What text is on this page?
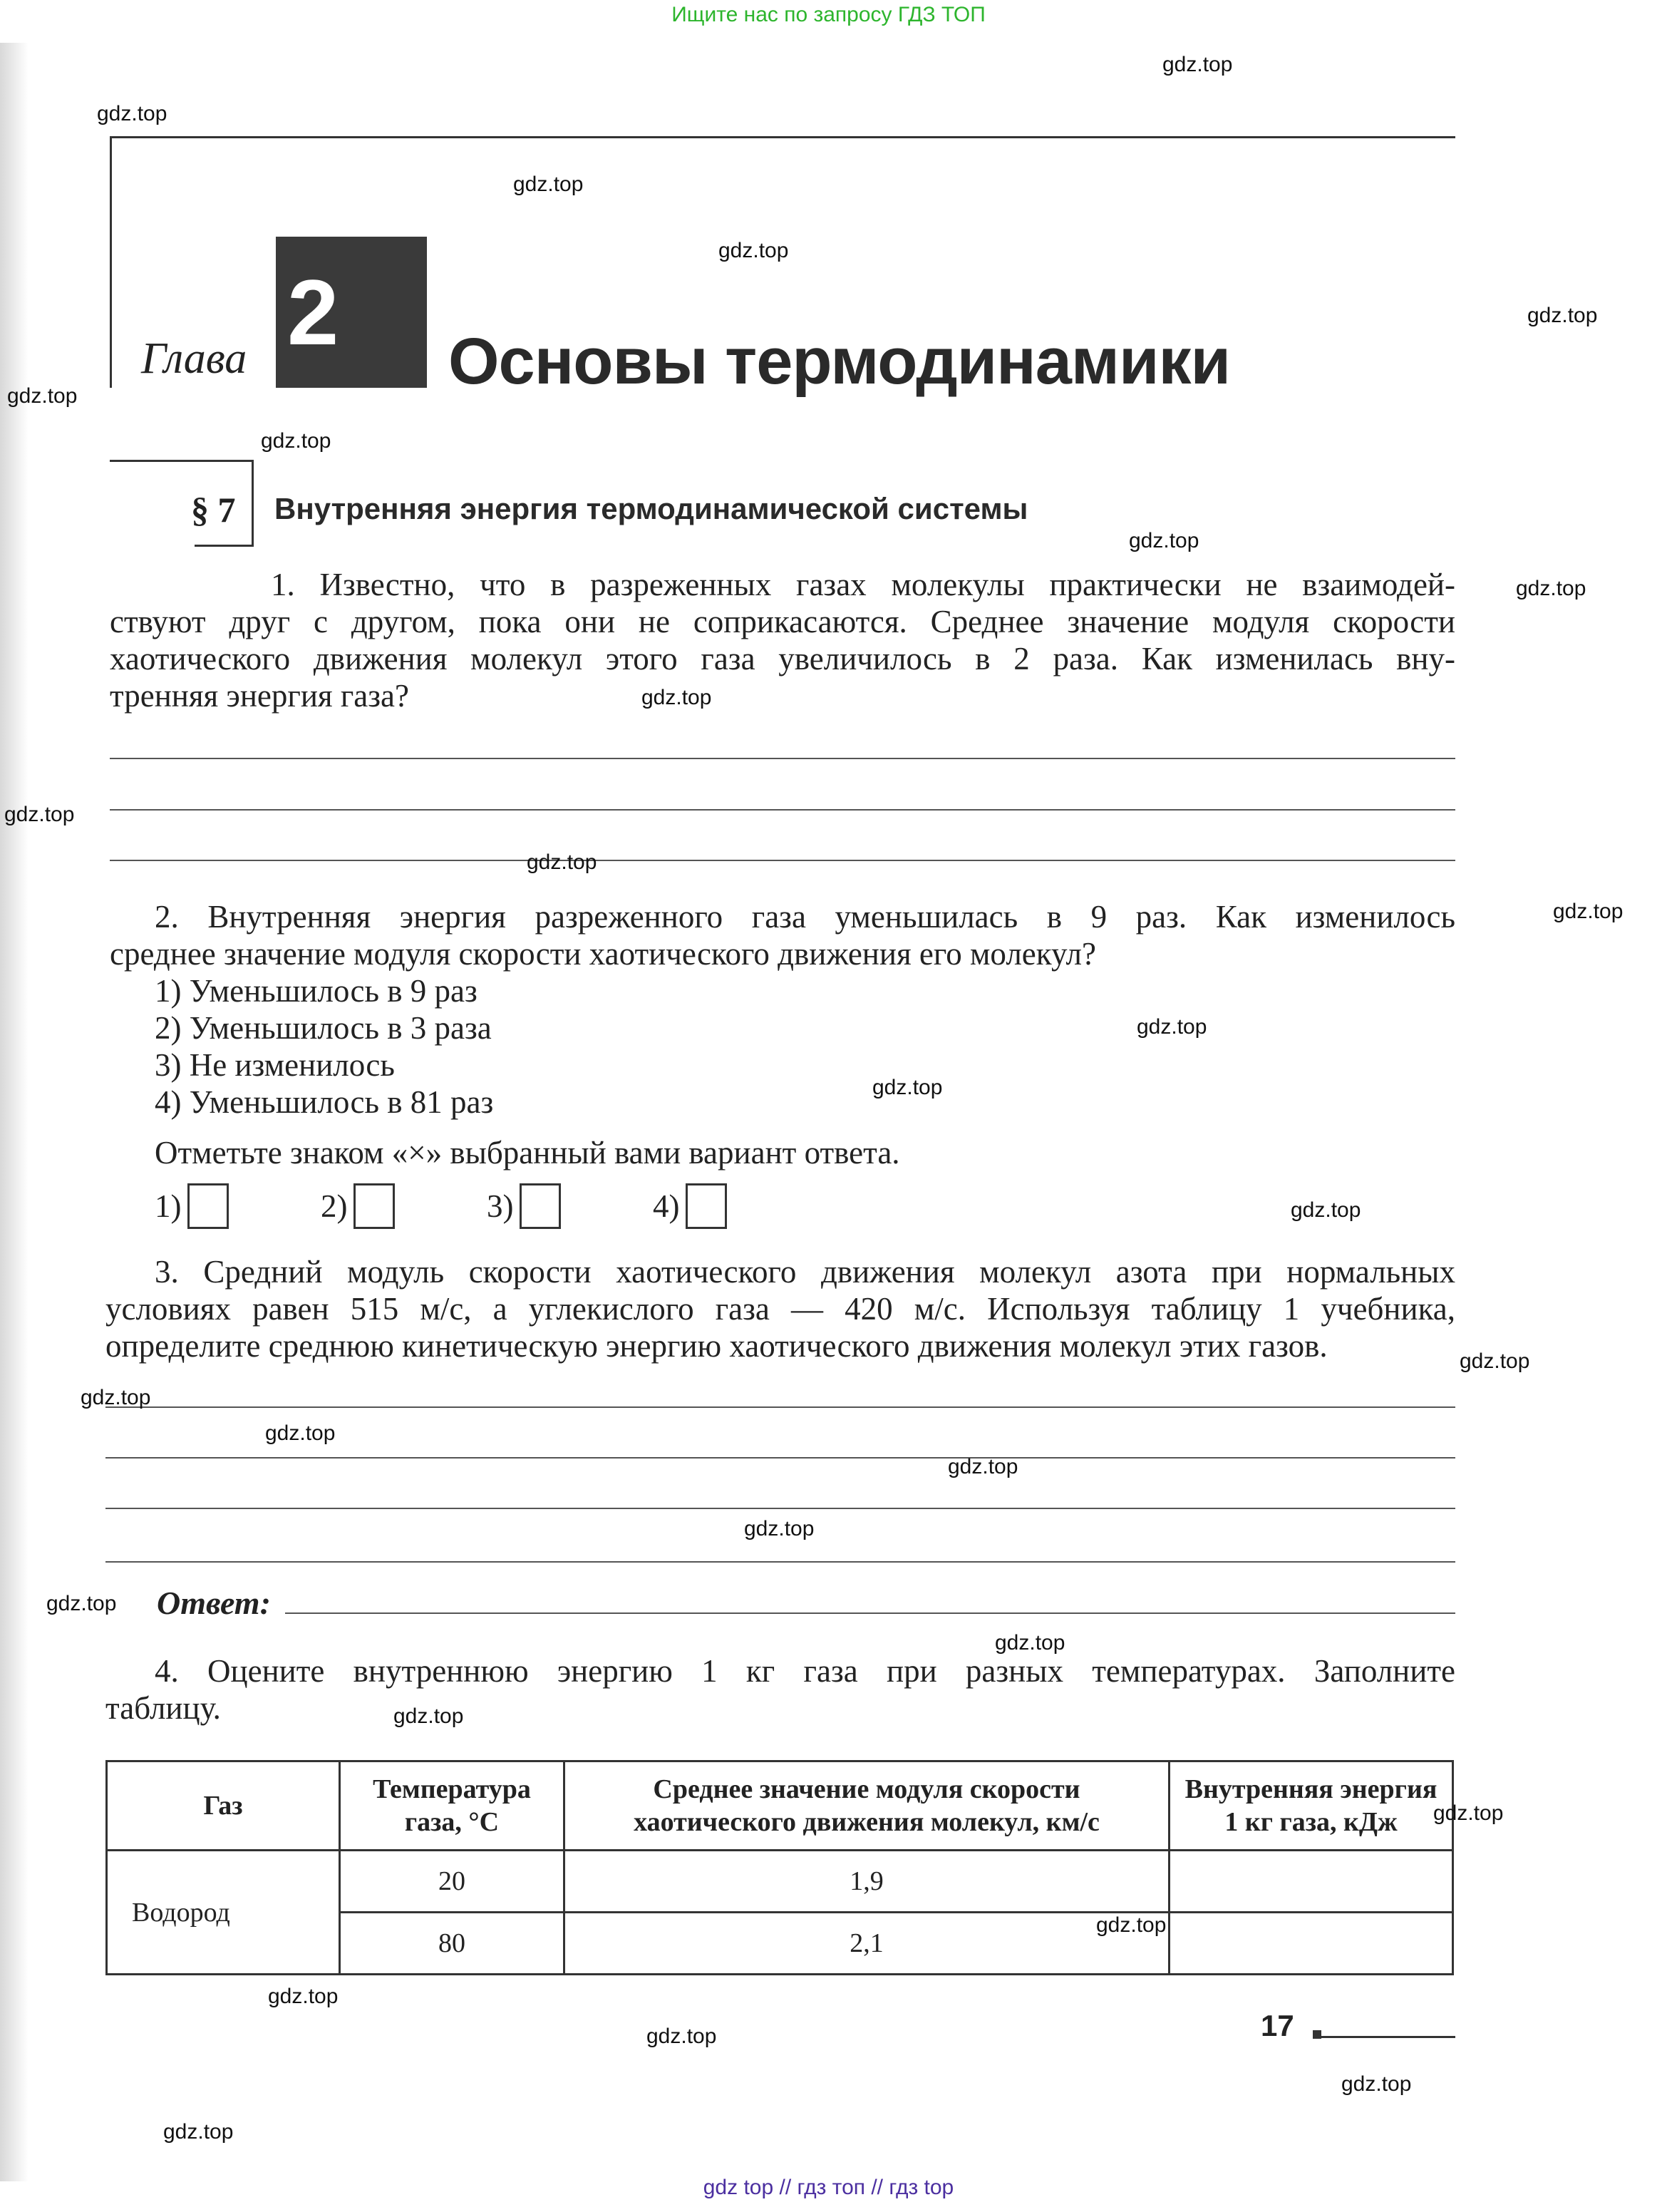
Ищите нас по запросу ГДЗ ТОП
Глава 2	Основы термодинамики
§ 7 Внутренняя энергия термодинамической системы
1. Известно, что в разреженных газах молекулы практически не взаимодей-
ствуют друг с другом, пока они не соприкасаются. Среднее значение модуля скорости
хаотического движения молекул этого газа увеличилось в 2 раза. Как изменилась вну-
тренняя энергия газа?
2. Внутренняя энергия разреженного газа уменьшилась в 9 раз. Как изменилось
среднее значение модуля скорости хаотического движения его молекул?
1) Уменьшилось в 9 раз
2) Уменьшилось в 3 раза
3) Не изменилось
4) Уменьшилось в 81 раз
Отметьте знаком «×» выбранный вами вариант ответа.
1)	2)	3)	4)
3. Средний модуль скорости хаотического движения молекул азота при нормальных
условиях равен 515 м/с, а углекислого газа — 420 м/с. Используя таблицу 1 учебника,
определите среднюю кинетическую энергию хаотического движения молекул этих газов.
Ответ:
4. Оцените внутреннюю энергию 1 кг газа при разных температурах. Заполните
таблицу.
Газ	Температура газа, °С	Среднее значение модуля скорости хаотического движения молекул, км/с	Внутренняя энергия 1 кг газа, кДж
Водород	20	1,9	
	80	2,1	
17
gdz.top
gdz.top
gdz.top
gdz.top
gdz.top
gdz.top
gdz.top
gdz.top
gdz.top
gdz.top
gdz.top
gdz.top
gdz.top
gdz.top
gdz.top
gdz.top
gdz.top
gdz.top
gdz.top
gdz.top
gdz.top
gdz.top
gdz.top
gdz.top
gdz.top
gdz.top
gdz.top
gdz.top
gdz.top
gdz.top
gdz top // гдз топ // гдз top
